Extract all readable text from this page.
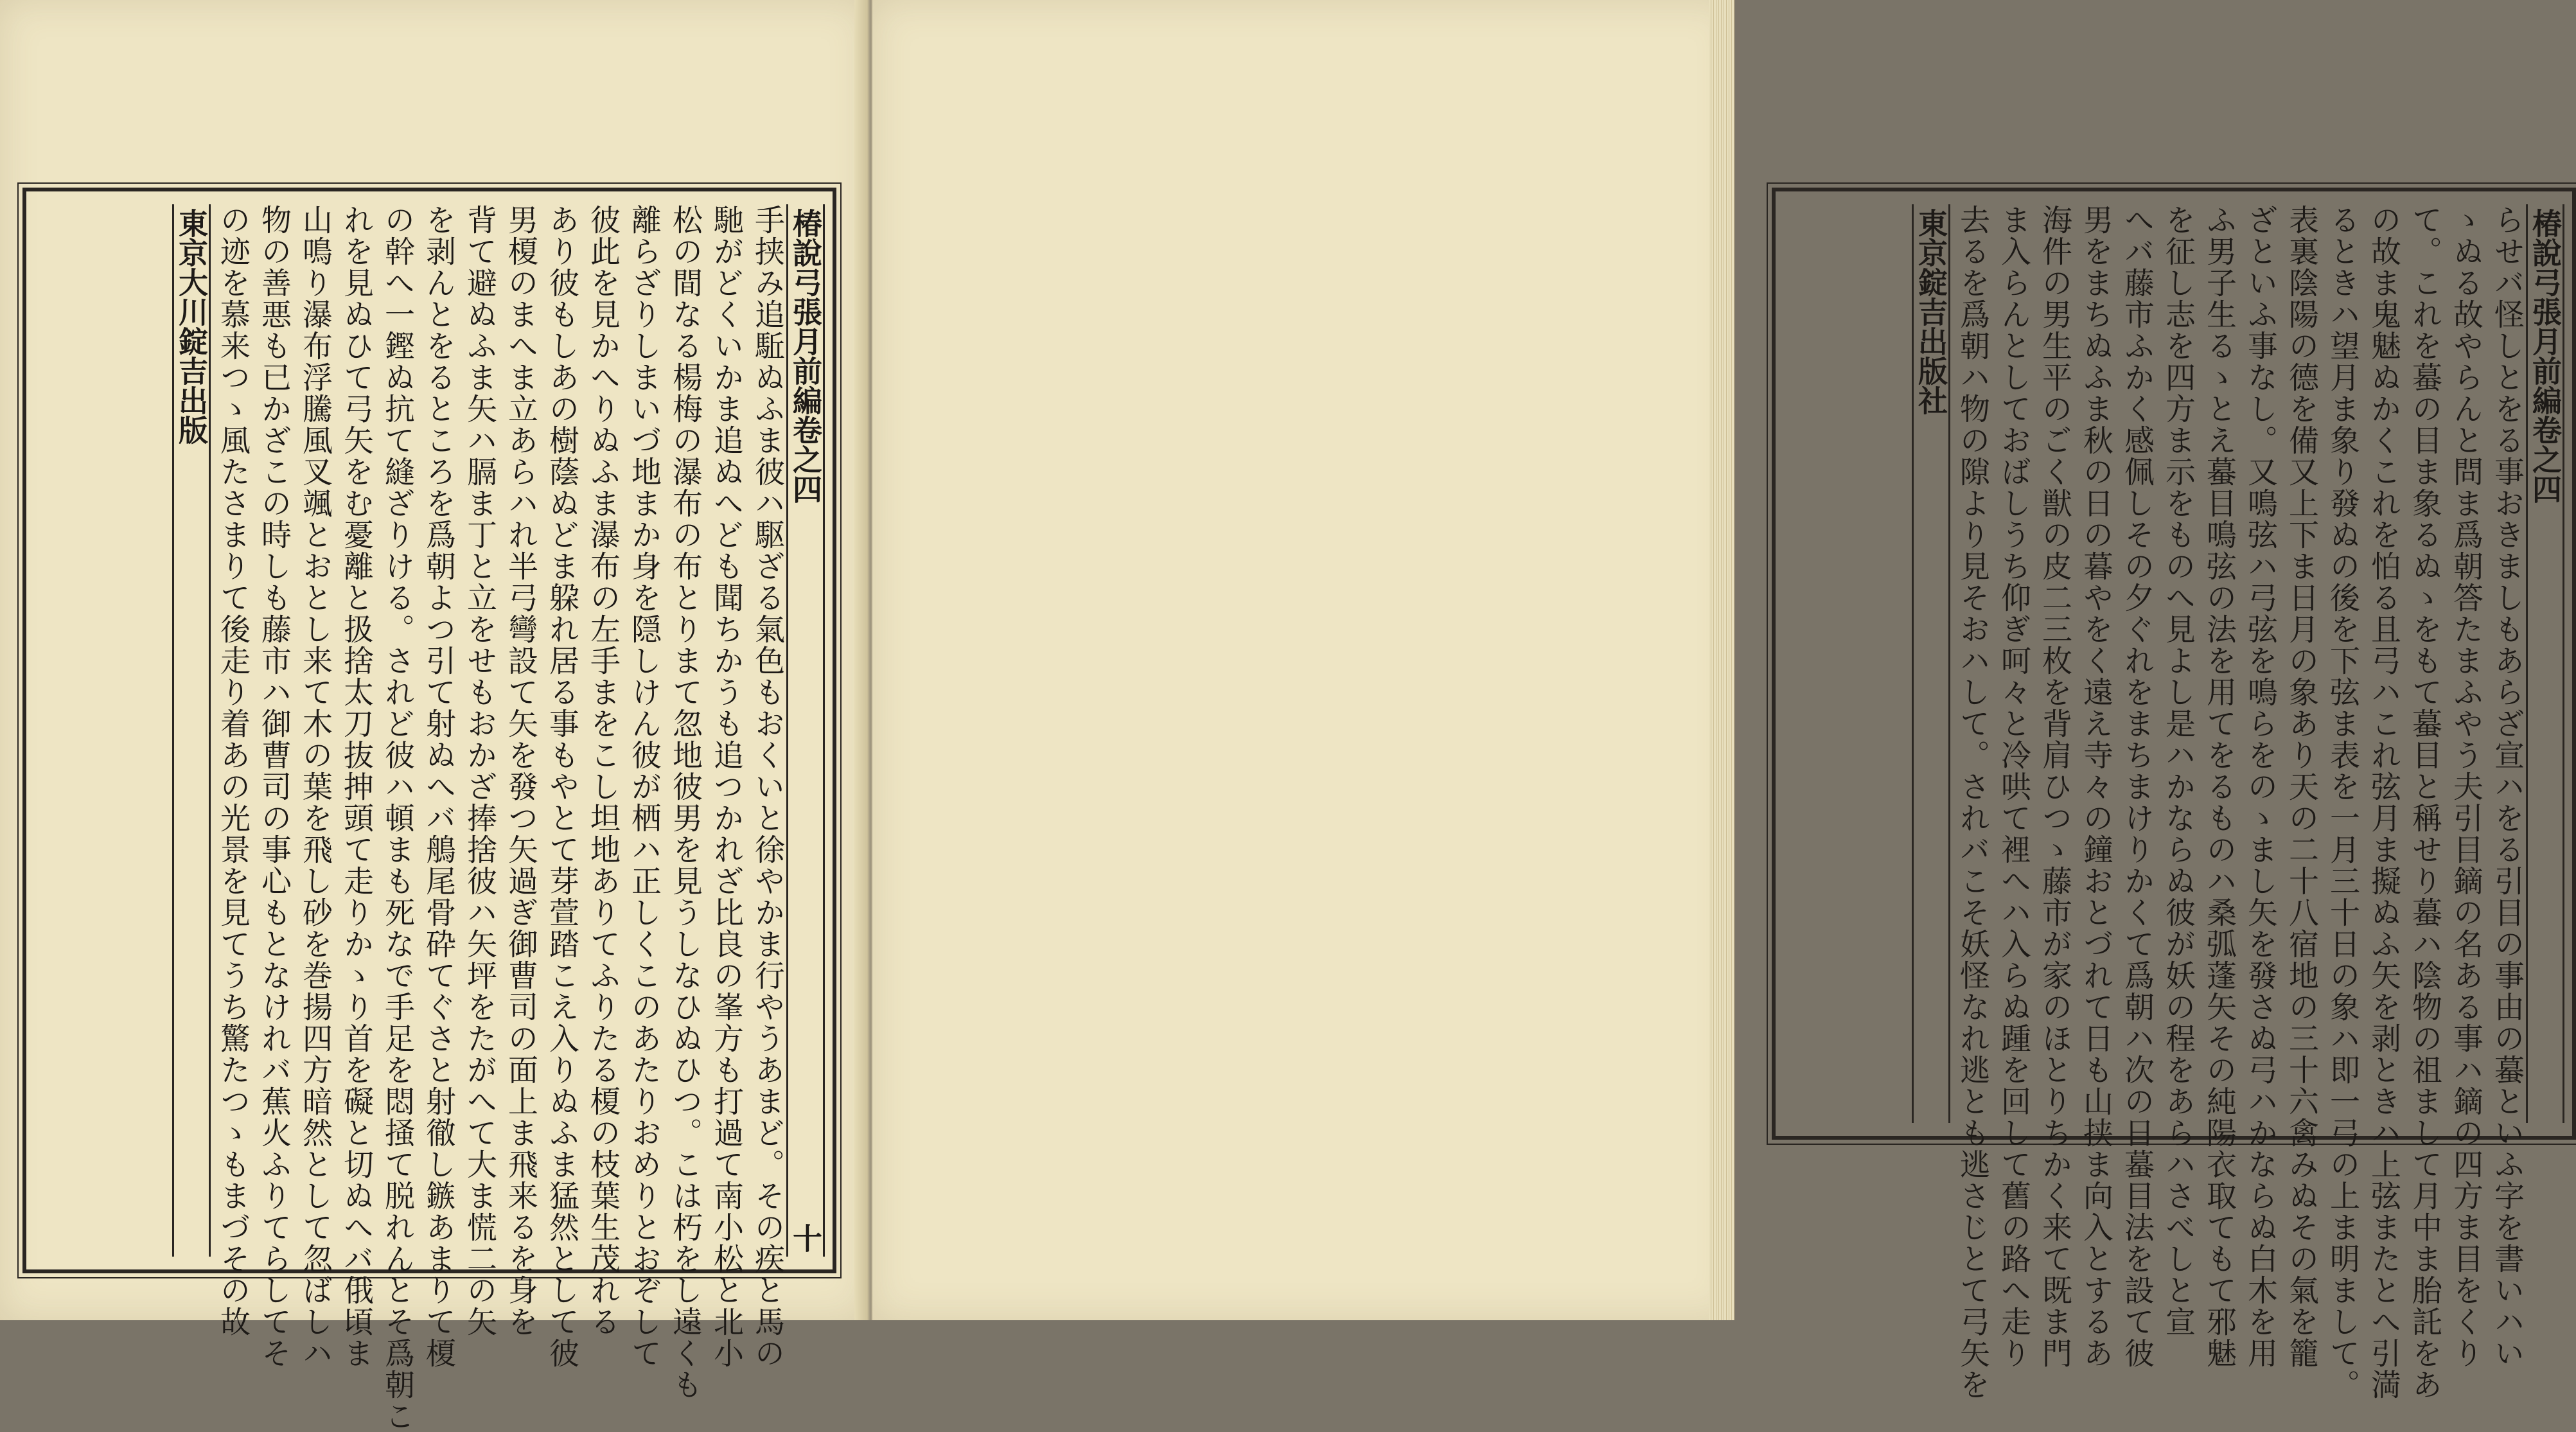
椿說弓張月前編卷之四
十
手挟み追駈ぬふま彼ハ駆ざる氣色もおくいと徐やかま行やうあまど。その疾と馬の
馳がどくいかま追ぬへども聞ちかうも追つかれざ比良の峯方も打過て南小松と北小
松の間なる楊梅の瀑布の布とりまて忽地彼男を見うしなひぬひつ。こは朽をし遠くも
離らざりしまいづ地まか身を隠しけん彼が栖ハ正しくこのあたりおめりとおぞして
彼此を見かへりぬふま瀑布の左手まをこし坦地ありてふりたる榎の枝葉生茂れる
あり彼もしあの樹蔭ぬどま躱れ居る事もやとて芽萱踏こえ入りぬふま猛然として彼
男榎のまへま立あらハれ半弓彎設て矢を發つ矢過ぎ御曹司の面上ま飛来るを身を
背て避ぬふま矢ハ膈ま丁と立をせもおかざ捧捨彼ハ矢坪をたがへて大ま慌二の矢
を剥んとをるところを爲朝よつ引て射ぬへバ鵃尾骨砕てぐさと射徹し鏃あまりて榎
の幹へ一鏗ぬ抗て縫ざりける。されど彼ハ頓まも死なで手足を悶掻て脱れんとそ爲朝こ
れを見ぬひて弓矢をむ憂離と扱捨太刀抜抻頭て走りかゝり首を礙と切ぬへバ俄頃ま
山鳴り瀑布浮騰風叉颯とおとし来て木の葉を飛し砂を巻揚四方暗然として忽ばしハ
物の善悪も已かざこの時しも藤市ハ御曹司の事心もとなけれバ蕉火ふりてらしてそ
の迹を慕来つゝ風たさまりて後走り着あの光景を見てうち驚たつゝもまづその故
東京大川錠吉出版	椿說弓張月前編卷之四
らせバ怪しとをる事おきましもあらざ宣ハをる引目の事由の蟇といふ字を書いハい
ゝぬる故やらんと問ま爲朝答たまふやう夫引目鏑の名ある事ハ鏑の四方ま目をくり
て。これを蟇の目ま象るぬゝをもて蟇目と稱せり蟇ハ陰物の祖まして月中ま胎託をあ
の故ま鬼魅ぬかくこれを怕る且弓ハこれ弦月ま擬ぬふ矢を剥ときハ上弦またとへ引満
るときハ望月ま象り發ぬの後を下弦ま表を一月三十日の象ハ即一弓の上ま明まして。
表裏陰陽の德を備又上下ま日月の象あり天の二十八宿地の三十六禽みぬその氣を籠
ざといふ事なし。又鳴弦ハ弓弦を鳴らをのゝまし矢を發さぬ弓ハかならぬ白木を用
ふ男子生るゝとえ蟇目鳴弦の法を用てをるものハ桑弧蓬矢その純陽衣取てもて邪魅
を征し志を四方ま示をものへ見よし是ハかならぬ彼が妖の程をあらハさべしと宣
へバ藤市ふかく感佩しその夕ぐれをまちまけりかくて爲朝ハ次の日蟇目法を設て彼
男をまちぬふま秋の日の暮やをく遠え寺々の鐘おとづれて日も山挟ま向入とするあ
海件の男生平のごく獣の皮二三枚を背肩ひつゝ藤市が家のほとりちかく来て既ま門
ま入らんとしておばしうち仰ぎ呵々と冷哄て裡へハ入らぬ踵を回して舊の路へ走り
去るを爲朝ハ物の隙より見そおハして。されバこそ妖怪なれ逃とも逃さじとて弓矢を
東京錠吉出版社
